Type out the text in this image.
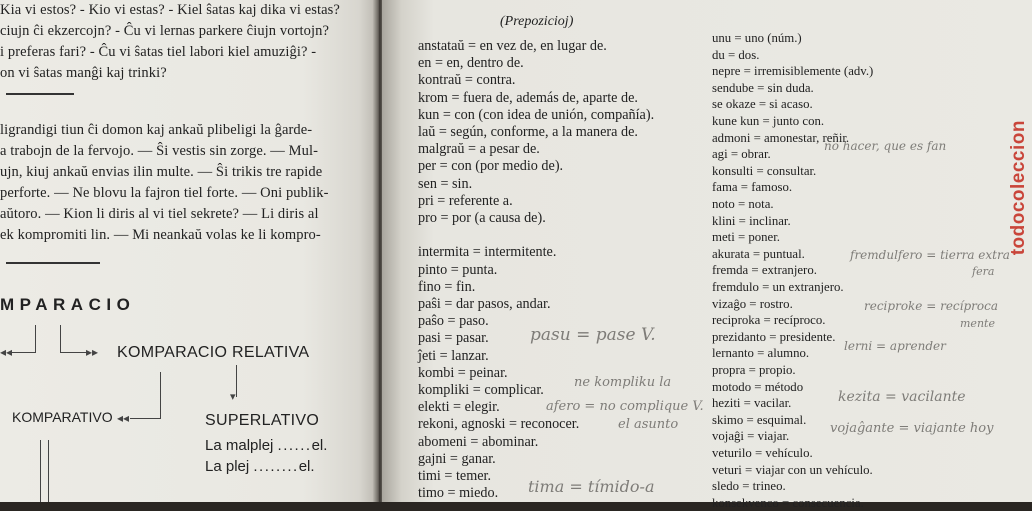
Kia vi estos? - Kio vi estas? - Kiel ŝatas kaj dika vi estas?
ciujn ĉi ekzercojn? - Ĉu vi lernas parkere ĉiujn vortojn?
i preferas fari? - Ĉu vi ŝatas tiel labori kiel amuziĝi? -
on vi ŝatas manĝi kaj trinki?
ligrandigi tiun ĉi domon kaj ankaŭ plibeligi la ĝarde-
a trabojn de la fervojo. — Ŝi vestis sin zorge. — Mul-
ujn, kiuj ankaŭ envias ilin multe. — Ŝi trikis tre rapide
perforte. — Ne blovu la fajron tiel forte. — Oni publik-
aŭtoro. — Kion li diris al vi tiel sekrete? — Li diris al
ek kompromiti lin. — Mi neankaŭ volas ke li kompro-
MPARACIO
◂◂	▸▸ KOMPARACIO RELATIVA
▾
◂◂
KOMPARATIVO	SUPERLATIVO
La malplej ......el.
La plej ........el.
(Prepozicioj)
anstataŭ = en vez de, en lugar de.
en = en, dentro de.
kontraŭ = contra.
krom = fuera de, además de, aparte de.
kun = con (con idea de unión, compañía).
laŭ = según, conforme, a la manera de.
malgraŭ = a pesar de.
per = con (por medio de).
sen = sin.
pri = referente a.
pro = por (a causa de).
intermita = intermitente.
pinto = punta.
fino = fin.
paŝi = dar pasos, andar.
paŝo = paso.
pasi = pasar.
ĵeti = lanzar.
kombi = peinar.
kompliki = complicar.
elekti = elegir.
rekoni, agnoski = reconocer.
abomeni = abominar.
gajni = ganar.
timi = temer.
timo = miedo.
unu = uno (núm.)
du = dos.
nepre = irremisiblemente (adv.)
sendube = sin duda.
se okaze = si acaso.
kune kun = junto con.
admoni = amonestar, reñir.
agi = obrar.
konsulti = consultar.
fama = famoso.
noto = nota.
klini = inclinar.
meti = poner.
akurata = puntual.
fremda = extranjero.
fremdulo = un extranjero.
vizaĝo = rostro.
reciproka = recíproco.
prezidanto = presidente.
lernanto = alumno.
propra = propio.
motodo = método
heziti = vacilar.
skimo = esquimal.
vojaĝi = viajar.
veturilo = vehículo.
veturi = viajar con un vehículo.
sledo = trineo.
konsekvenco = consecuencia.
no hacer, que es fan
fremdulfero = tierra extra
fera
reciproke = recíproca
mente
lerni = aprender
kezita = vacilante
vojaĝante = viajante hoy
pasu = pase V.
ne kompliku la
afero = no complique V.
el asunto
tima = tímido-a
todocoleccion
